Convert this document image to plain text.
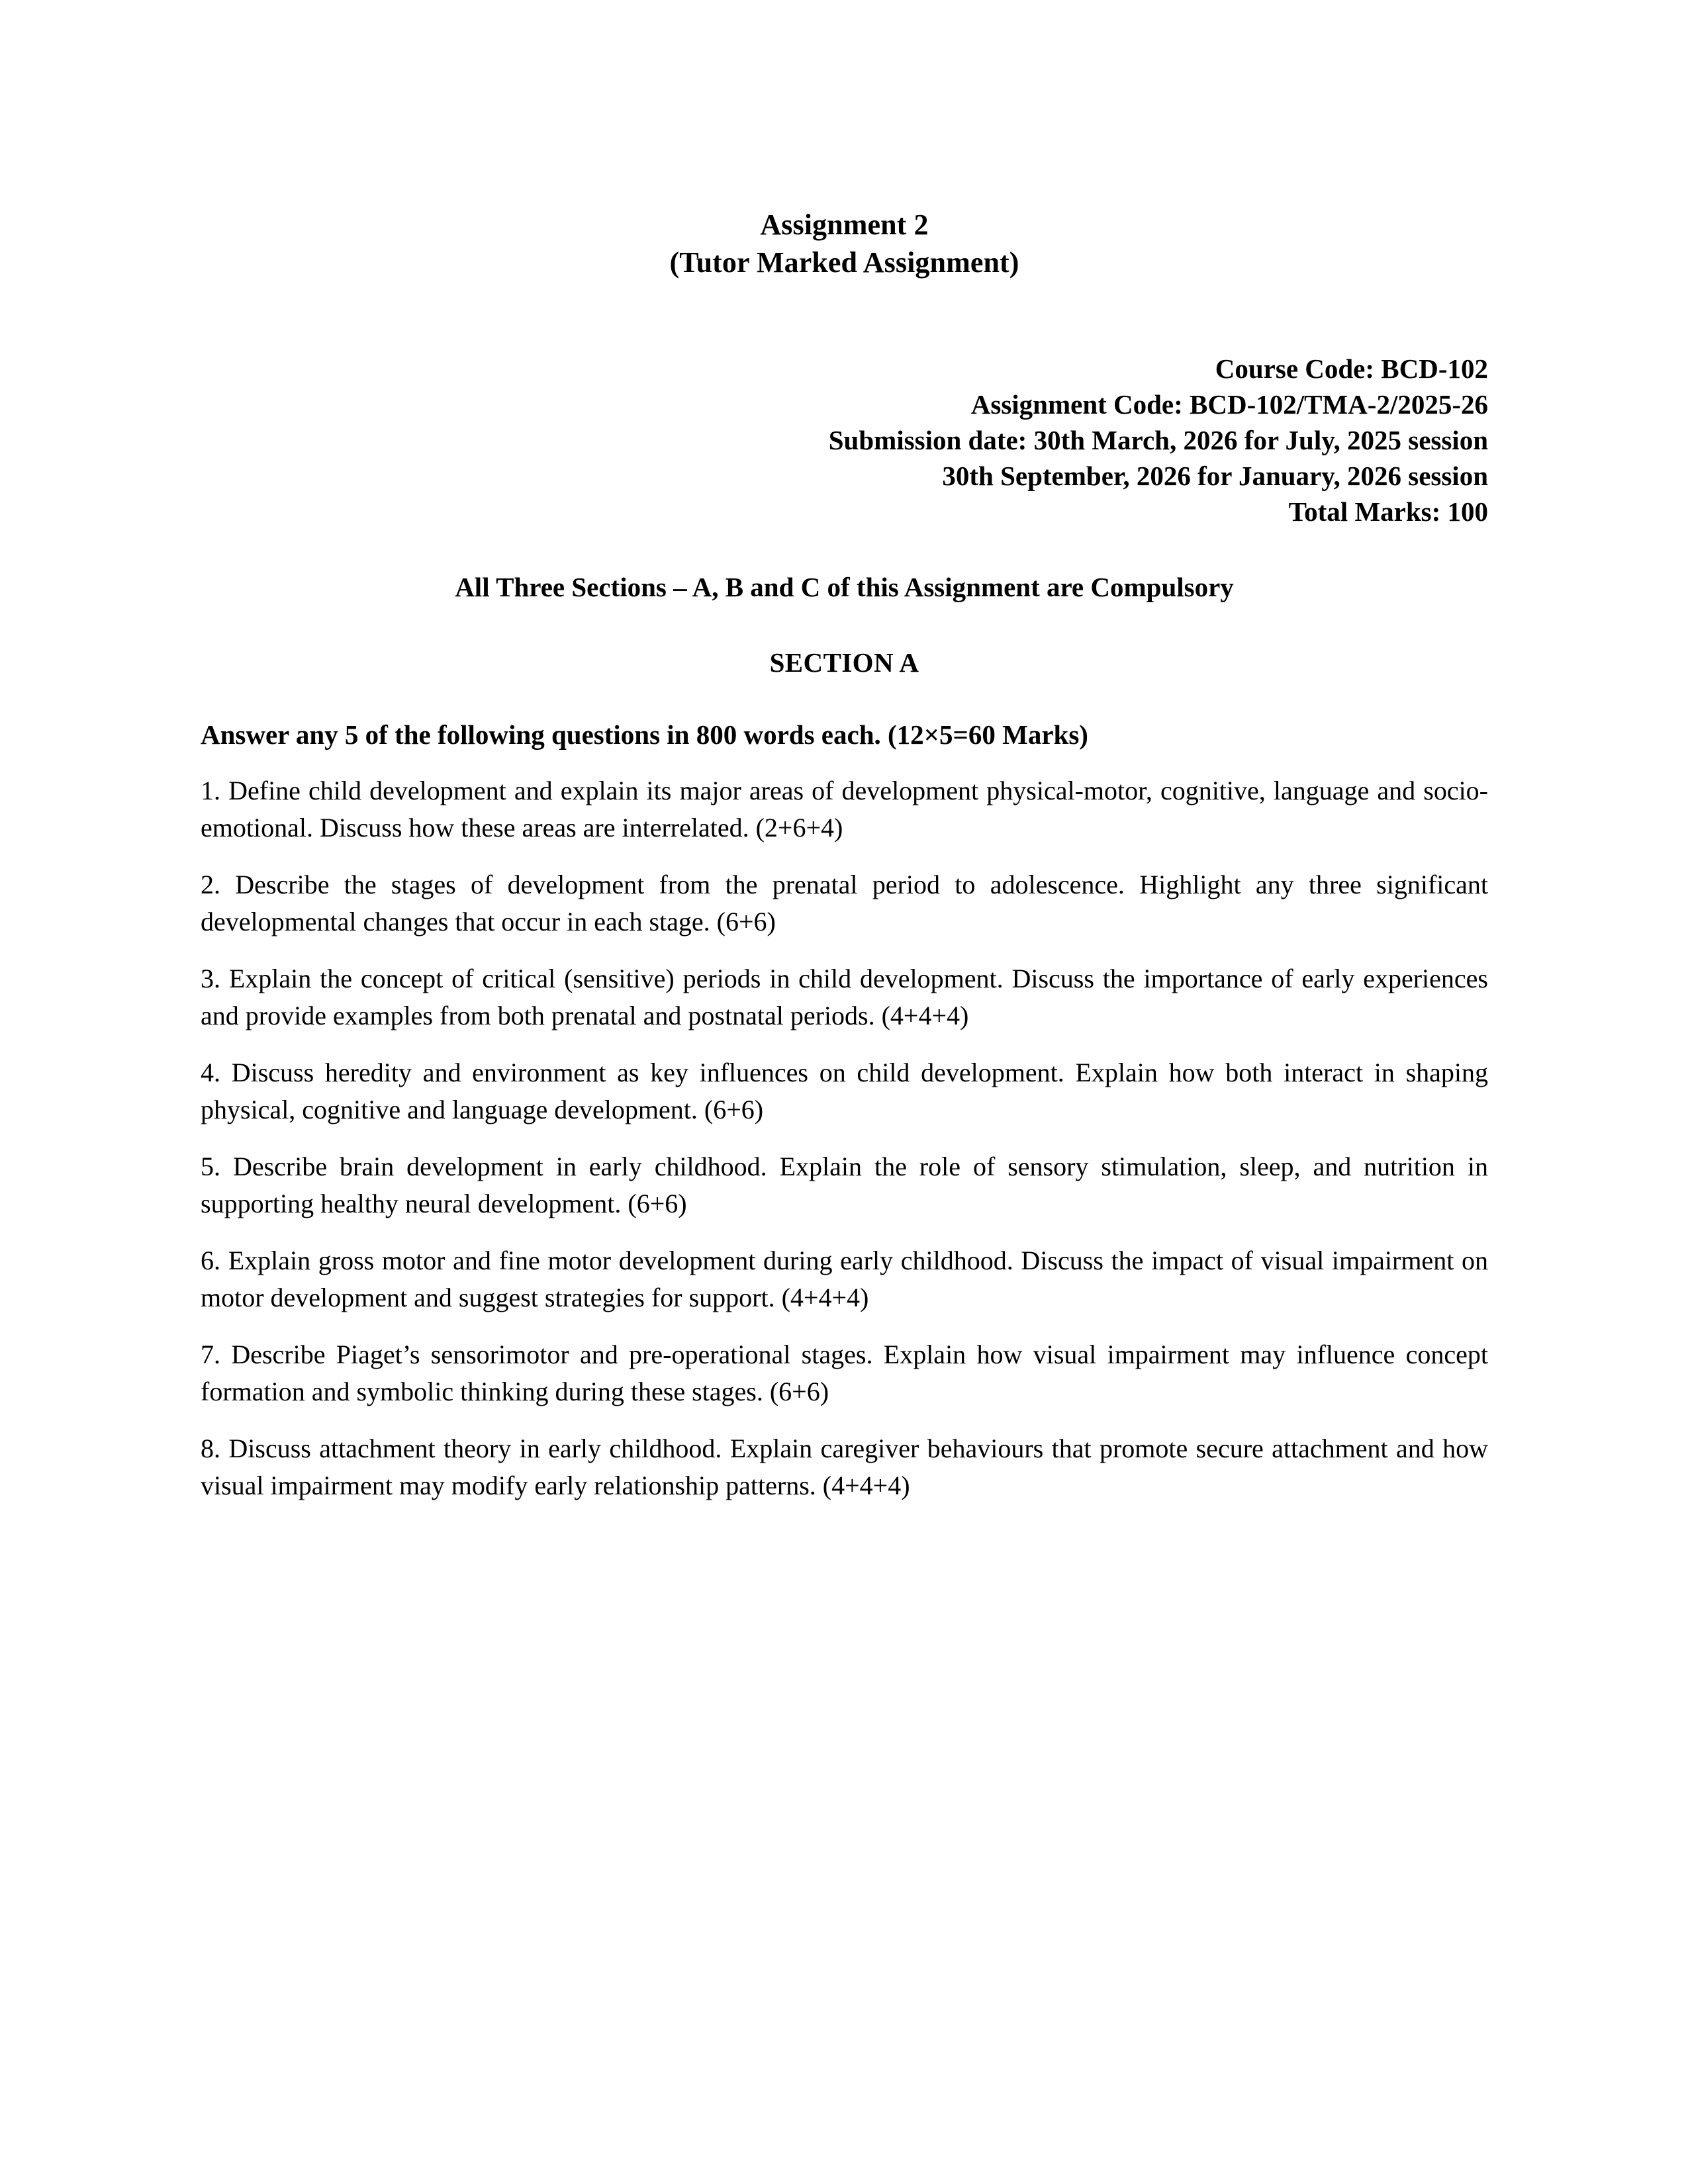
Assignment 2
(Tutor Marked Assignment)
Course Code: BCD-102
Assignment Code: BCD-102/TMA-2/2025-26
Submission date: 30th March, 2026 for July, 2025 session
30th September, 2026 for January, 2026 session
Total Marks: 100

All Three Sections – A, B and C of this Assignment are Compulsory

SECTION A

Answer any 5 of the following questions in 800 words each. (12×5=60 Marks)

1. Define child development and explain its major areas of development physical-motor, cognitive, language and socio-emotional. Discuss how these areas are interrelated. (2+6+4)
2. Describe the stages of development from the prenatal period to adolescence. Highlight any three significant developmental changes that occur in each stage. (6+6)
3. Explain the concept of critical (sensitive) periods in child development. Discuss the importance of early experiences and provide examples from both prenatal and postnatal periods. (4+4+4)
4. Discuss heredity and environment as key influences on child development. Explain how both interact in shaping physical, cognitive and language development. (6+6)
5. Describe brain development in early childhood. Explain the role of sensory stimulation, sleep, and nutrition in supporting healthy neural development. (6+6)
6. Explain gross motor and fine motor development during early childhood. Discuss the impact of visual impairment on motor development and suggest strategies for support. (4+4+4)
7. Describe Piaget’s sensorimotor and pre-operational stages. Explain how visual impairment may influence concept formation and symbolic thinking during these stages. (6+6)
8. Discuss attachment theory in early childhood. Explain caregiver behaviours that promote secure attachment and how visual impairment may modify early relationship patterns. (4+4+4)
